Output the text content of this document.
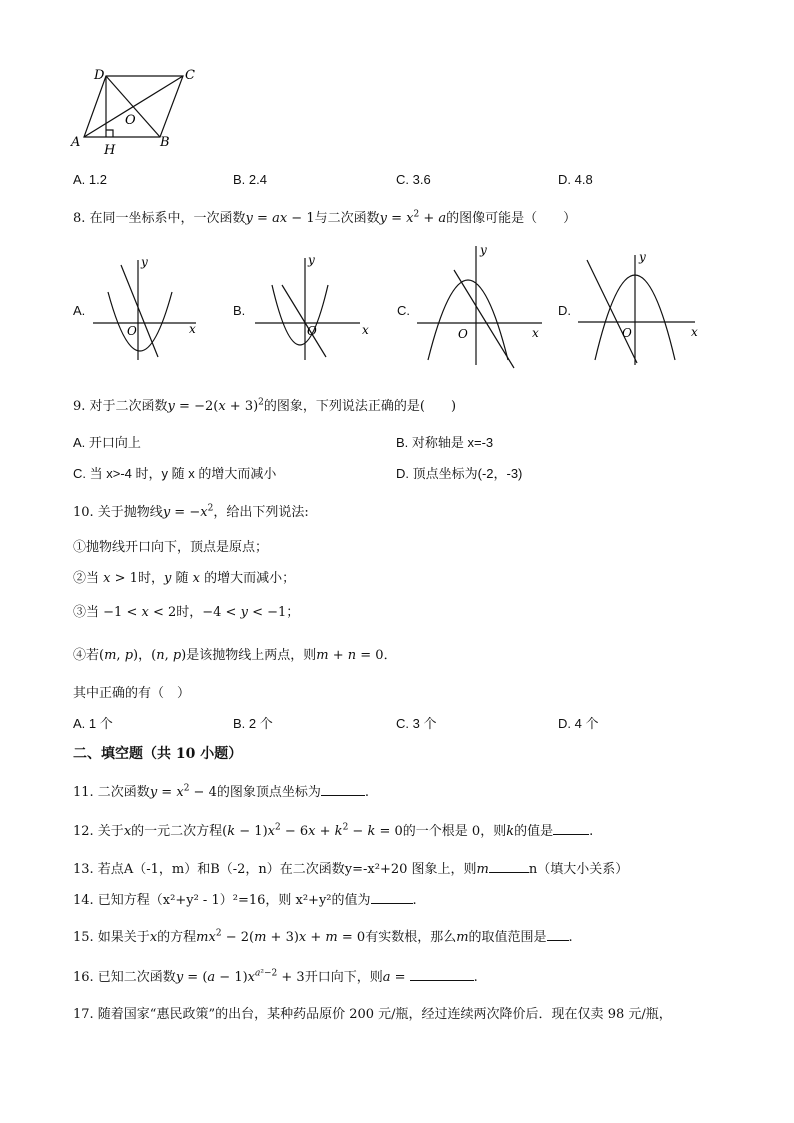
D	C
O
A
H
B
A. 1.2	B. 2.4	C. 3.6	D. 4.8
8. 在同一坐标系中，一次函数y = ax − 1与二次函数$y = x^2 + a$的图像可能是（　　）
A.
y
x
O
B.
y
x
O
C.
y
x
O
D.
y
x
O
9. 对于二次函数$y = -2(x + 3)^2$的图象，下列说法正确的是(　　)
A. 开口向上	B. 对称轴是 x=-3
C. 当 x>-4 时，y 随 x 的增大而减小	D. 顶点坐标为(-2，-3)
10. 关于抛物线$y = -x^2$，给出下列说法:
①抛物线开口向下，顶点是原点；
②当 x > 1时，y 随 x 的增大而减小；
③当 −1 < x < 2时，−4 < y < −1；
④若(m, p)，(n, p)是该抛物线上两点，则m + n = 0．
其中正确的有（　）
A. 1 个	B. 2 个	C. 3 个	D. 4 个
二、填空题（共 10 小题）
11. 二次函数$y = x^2 - 4$的图象顶点坐标为	.
12. 关于x的一元二次方程$(k - 1)x^2 - 6x + k^2 - k = 0$的一个根是 0，则k的值是	.
13. 若点A（-1，m）和B（-2，n）在二次函数y=-x²+20 图象上，则m	n（填大小关系）
14. 已知方程（x²+y² - 1）²=16，则 x²+y²的值为	.
15. 如果关于x的方程$mx^2 - 2(m + 3)x + m = 0$有实数根，那么m的取值范围是 .
16. 已知二次函数$y = (a - 1)x^{a^2-2} + 3$开口向下，则a =	.
17. 随着国家“惠民政策”的出台，某种药品原价 200 元/瓶，经过连续两次降价后．现在仅卖 98 元/瓶，
